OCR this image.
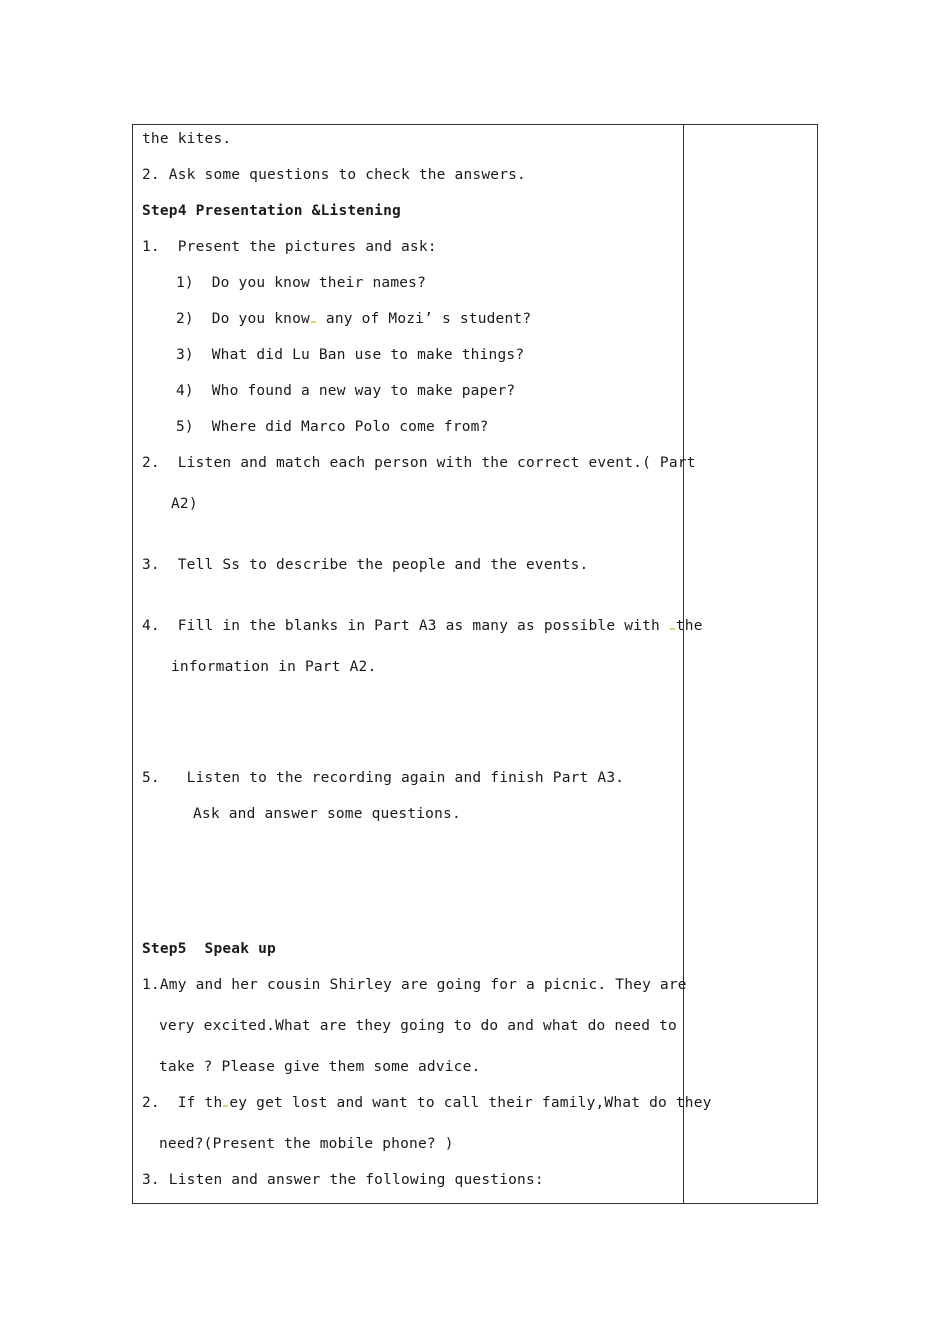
the kites.
2. Ask some questions to check the answers.
Step4 Presentation &Listening
1.  Present the pictures and ask:
1)  Do you know their names?
2)  Do you know any of Mozi’ s student?
3)  What did Lu Ban use to make things?
4)  Who found a new way to make paper?
5)  Where did Marco Polo come from?
2.  Listen and match each person with the correct event.( Part
A2)
3.  Tell Ss to describe the people and the events.
4.  Fill in the blanks in Part A3 as many as possible with the
information in Part A2.
5.   Listen to the recording again and finish Part A3.
Ask and answer some questions.
Step5  Speak up
1.Amy and her cousin Shirley are going for a picnic. They are
very excited.What are they going to do and what do need to
take ? Please give them some advice.
2.  If th ey get lost and want to call their family,What do they
need?(Present the mobile phone? )
3. Listen and answer the following questions:
